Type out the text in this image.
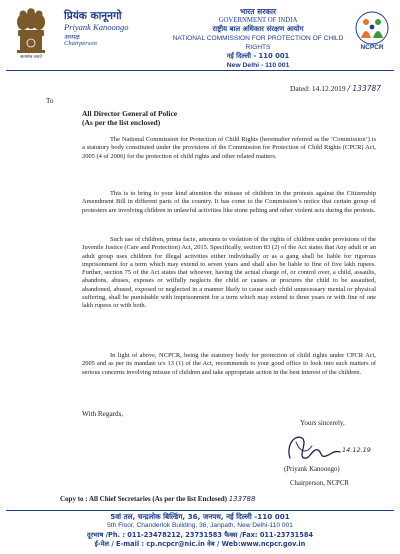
सत्यमेव जयते
प्रियंक कानूनगो
Priyank Kanoongo
अध्यक्ष
Chairperson
भारत सरकार
GOVERNMENT OF INDIA
राष्ट्रीय बाल अधिकार संरक्षण आयोग
NATIONAL COMMISSION FOR PROTECTION OF CHILD RIGHTS
नई दिल्ली - 110 001
New Delhi - 110 001
NCPCR
Dated: 14.12.2019 / 133787
To
All Director General of Police
(As per the list enclosed)
The National Commission for Protection of Child Rights (hereinafter referred as the ‘Commission’) is a statutory body constituted under the provisions of the Commission for Protection of Child Rights (CPCR) Act, 2005 (4 of 2006) for the protection of child rights and other related matters.
This is to bring to your kind attention the misuse of children in the protests against the Citizenship Amendment Bill in different parts of the country. It has come to the Commission’s notice that certain group of protesters are involving children in unlawful activities like stone pelting and other violent acts during the protests.
Such use of children, prima facie, amounts to violation of the rights of children under provisions of the Juvenile Justice (Care and Protection) Act, 2015. Specifically, section 83 (2) of the Act states that Any adult or an adult group uses children for illegal activities either individually or as a gang shall be liable for rigorous imprisonment for a term which may extend to seven years and shall also be liable to fine of five lakh rupees. Further, section 75 of the Act states that whoever, having the actual charge of, or control over, a child, assaults, abandons, abuses, exposes or wilfully neglects the child or causes or procures the child to be assaulted, abandoned, abused, exposed or neglected in a manner likely to cause such child unnecessary mental or physical suffering, shall be punishable with imprisonment for a term which may extend to three years or with fine of one lakh rupees or with both.
In light of above, NCPCR, being the statutory body for protection of child rights under CPCR Act, 2005 and as per its mandate u/s 13 (1) of the Act, recommends to your good office to look into such matters of serious concerns involving misuse of children and take appropriate action in the best interest of the children.
With Regards,
Yours sincerely,
14.12.19
(Priyank Kanoongo)
Chairperson, NCPCR
Copy to : All Chief Secretaries (As per the list Enclosed) 133788
5वां तल, चन्द्रलोक बिल्डिंग, 36, जनपथ, नई दिल्ली -110 001
5th Floor, Chanderlok Building, 36, Janpath, New Delhi-110 001
दूरभाष /Ph. : 011-23478212, 23731583 फैक्स /Fax: 011-23731584
ई-मेल / E-mail : cp.ncpcr@nic.in वेब / Web:www.ncpcr.gov.in
